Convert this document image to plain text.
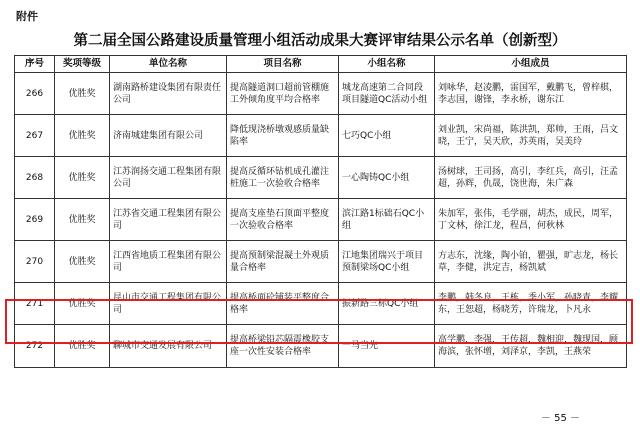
附件
第二届全国公路建设质量管理小组活动成果大赛评审结果公示名单（创新型）
序号	奖项等级	单位名称	项目名称	小组名称	小组成员
266	优胜奖	湖南路桥建设集团有限责任公司	提高隧道洞口超前管棚施工外倾角度平均合格率	城龙高速第二合同段项目隧道QC活动小组	刘咏华，赵凌鹏，雷国军，戴鹏飞，曾梓棋，李志国，谢锋，李永桥，谢东江
267	优胜奖	济南城建集团有限公司	降低现浇桥墩观感质量缺陷率	七巧QC小组	刘业凯，宋尚福，陈洪凯，郑帅，王雨，吕文晓，王宁，吴天欣，苏英雨，吴美玲
268	优胜奖	江苏润扬交通工程集团有限公司	提高反循环钻机成孔灌注桩施工一次验收合格率	一心陶铸QC小组	汤树球，王司扬，高引，李红兵，高引，汪孟超，孙辉，仇晟，饶世海，朱广森
269	优胜奖	江苏省交通工程集团有限公司	提高支座垫石顶面平整度一次验收合格率	滨江路1标础石QC小组	朱加军，张伟，毛学丽，胡杰，成民，周军，丁文林，徐江龙，程昌，何秋林
270	优胜奖	江西省地质工程集团有限公司	提高预制梁混凝土外观质量合格率	江地集团瑞兴于项目预制梁场QC小组	方志东，沈缘，陶小铂，瞿强，旷志龙，杨长草，李健，洪定吉，杨凯斌
271	优胜奖	昆山市交通工程集团有限公司	提高桥面砼铺装平整度合格率	振新路三标QC小组	李鹏，韩冬良，王栋，季小军，孙晓青，李耀东，王恕超，杨晓芳，许瑞龙，卜凡永
272	优胜奖	聊城市交通发展有限公司	提高桥梁铅芯隔震橡胶支座一次性安装合格率	一马当先	高学鹏，李强，王传超，魏相迎，魏现国，顾海滨，张怀增，刘泽京，李凯，王燕荣
－ 55 －
